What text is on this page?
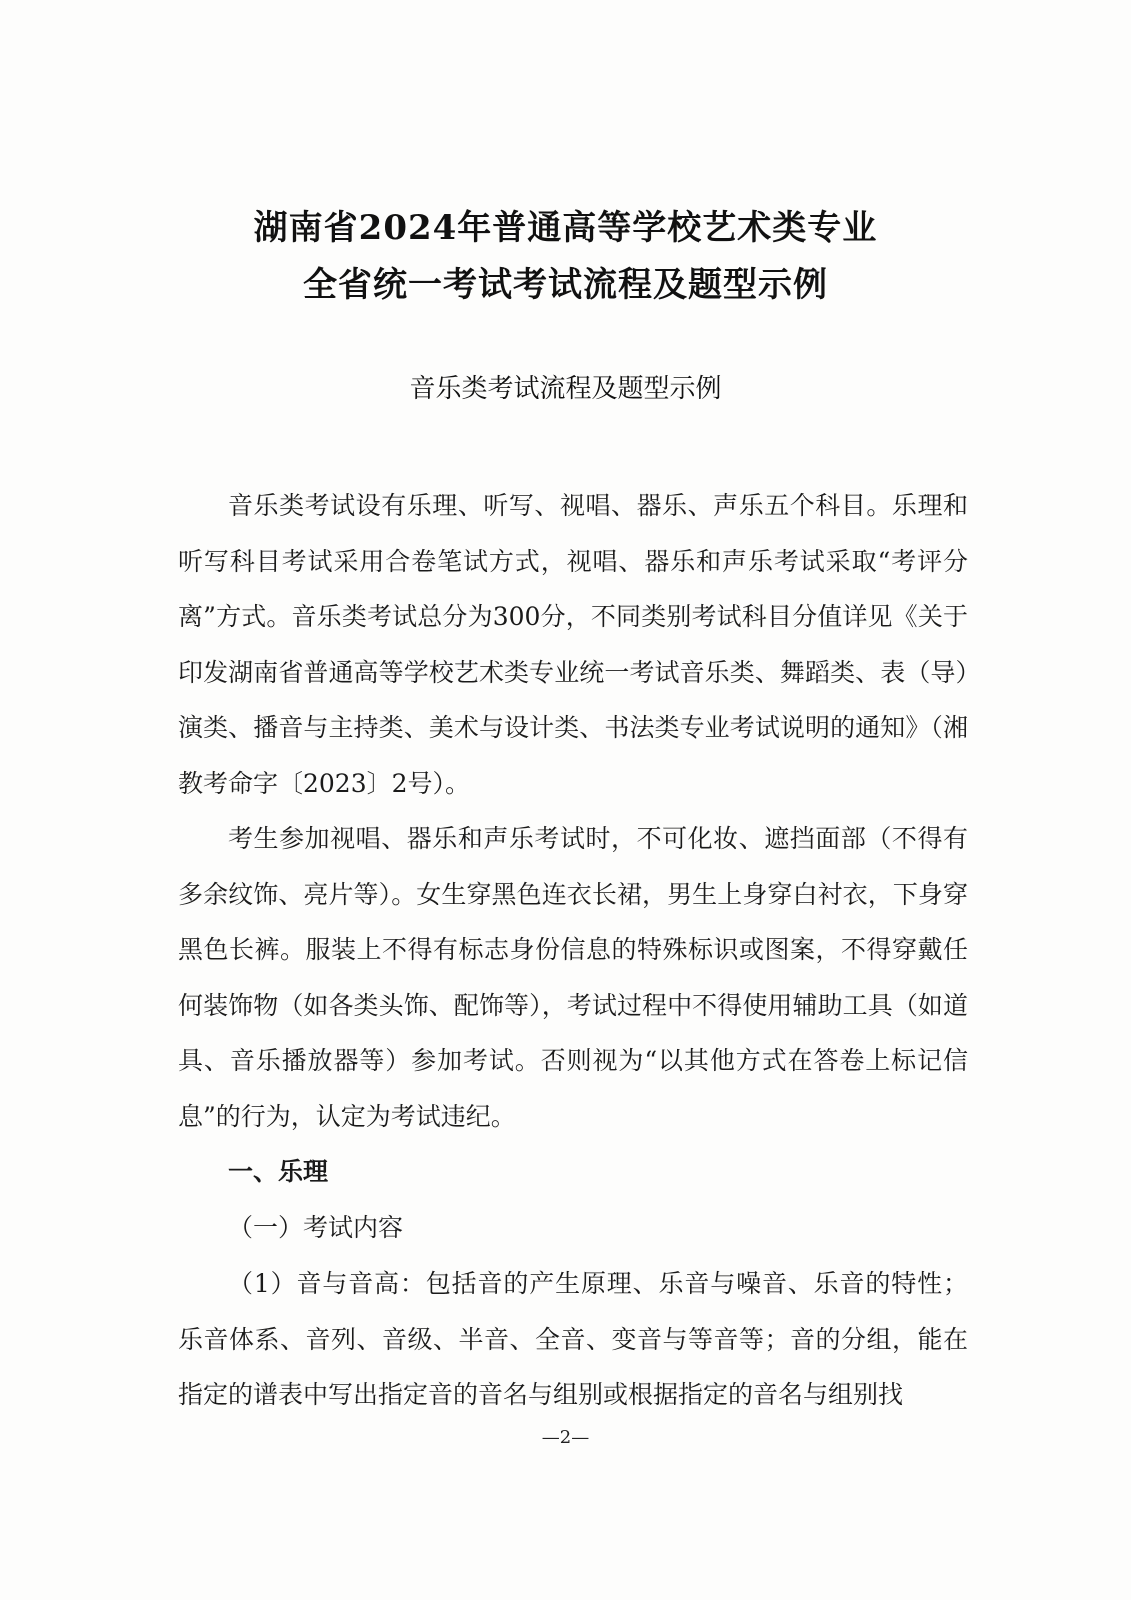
湖南省2024年普通高等学校艺术类专业
全省统一考试考试流程及题型示例
音乐类考试流程及题型示例

音乐类考试设有乐理、听写、视唱、器乐、声乐五个科目。乐理和听写科目考试采用合卷笔试方式，视唱、器乐和声乐考试采取“考评分离”方式。音乐类考试总分为300分，不同类别考试科目分值详见《关于印发湖南省普通高等学校艺术类专业统一考试音乐类、舞蹈类、表（导）演类、播音与主持类、美术与设计类、书法类专业考试说明的通知》（湘教考命字〔2023〕2号）。

考生参加视唱、器乐和声乐考试时，不可化妆、遮挡面部（不得有多余纹饰、亮片等）。女生穿黑色连衣长裙，男生上身穿白衬衣，下身穿黑色长裤。服装上不得有标志身份信息的特殊标识或图案，不得穿戴任何装饰物（如各类头饰、配饰等），考试过程中不得使用辅助工具（如道具、音乐播放器等）参加考试。否则视为“以其他方式在答卷上标记信息”的行为，认定为考试违纪。

一、乐理

（一）考试内容

（1）音与音高：包括音的产生原理、乐音与噪音、乐音的特性；乐音体系、音列、音级、半音、全音、变音与等音等；音的分组，能在指定的谱表中写出指定音的音名与组别或根据指定的音名与组别找

—2—
